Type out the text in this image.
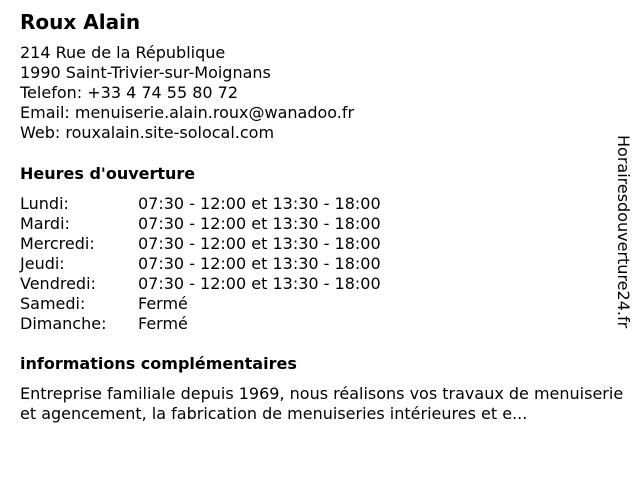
Roux Alain
214 Rue de la République
1990 Saint-Trivier-sur-Moignans
Telefon: +33 4 74 55 80 72
Email: menuiserie.alain.roux@wanadoo.fr
Web: rouxalain.site-solocal.com
Heures d'ouverture
Lundi:	07:30 - 12:00 et 13:30 - 18:00
Mardi:	07:30 - 12:00 et 13:30 - 18:00
Mercredi:	07:30 - 12:00 et 13:30 - 18:00
Jeudi:	07:30 - 12:00 et 13:30 - 18:00
Vendredi:	07:30 - 12:00 et 13:30 - 18:00
Samedi:	Fermé
Dimanche:	Fermé
informations complémentaires
Entreprise familiale depuis 1969, nous réalisons vos travaux de menuiserie et agencement, la fabrication de menuiseries intérieures et e...
Horairesdouverture24.fr
